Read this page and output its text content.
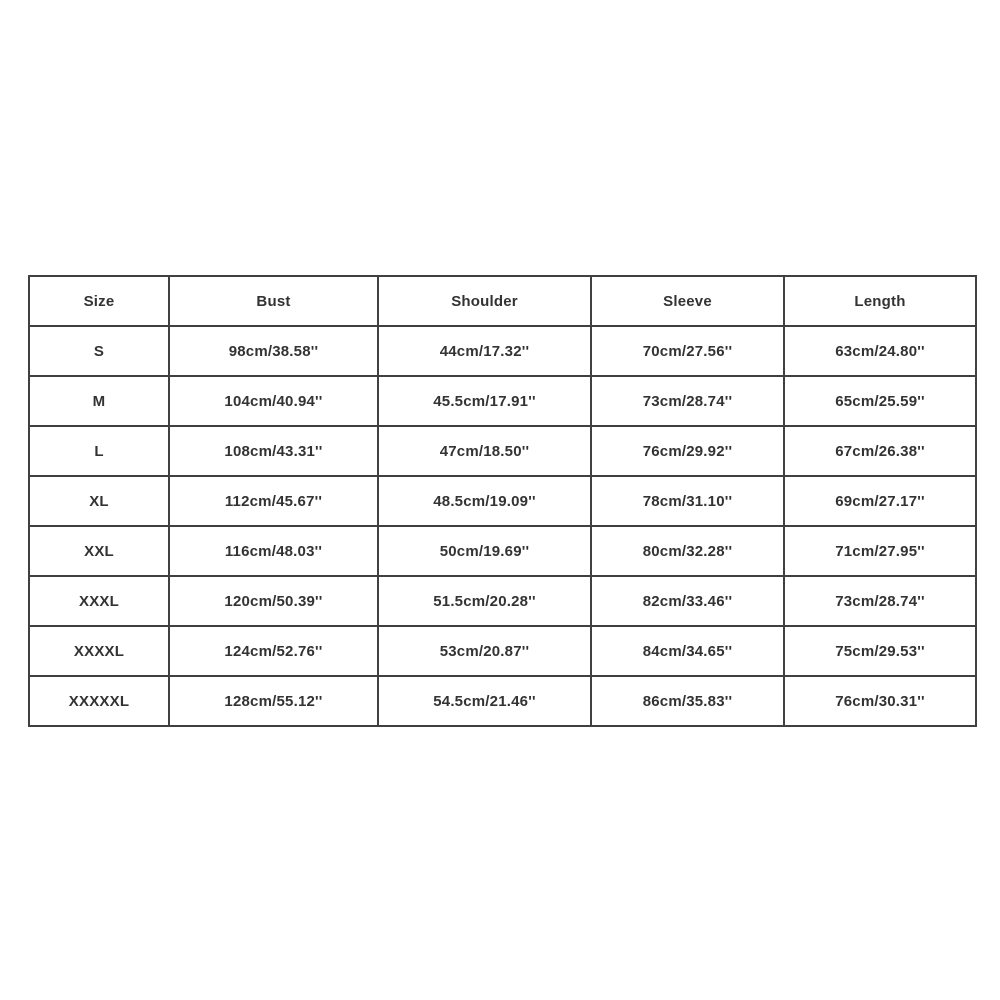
Size	Bust	Shoulder	Sleeve	Length
S	98cm/38.58''	44cm/17.32''	70cm/27.56''	63cm/24.80''
M	104cm/40.94''	45.5cm/17.91''	73cm/28.74''	65cm/25.59''
L	108cm/43.31''	47cm/18.50''	76cm/29.92''	67cm/26.38''
XL	112cm/45.67''	48.5cm/19.09''	78cm/31.10''	69cm/27.17''
XXL	116cm/48.03''	50cm/19.69''	80cm/32.28''	71cm/27.95''
XXXL	120cm/50.39''	51.5cm/20.28''	82cm/33.46''	73cm/28.74''
XXXXL	124cm/52.76''	53cm/20.87''	84cm/34.65''	75cm/29.53''
XXXXXL	128cm/55.12''	54.5cm/21.46''	86cm/35.83''	76cm/30.31''
